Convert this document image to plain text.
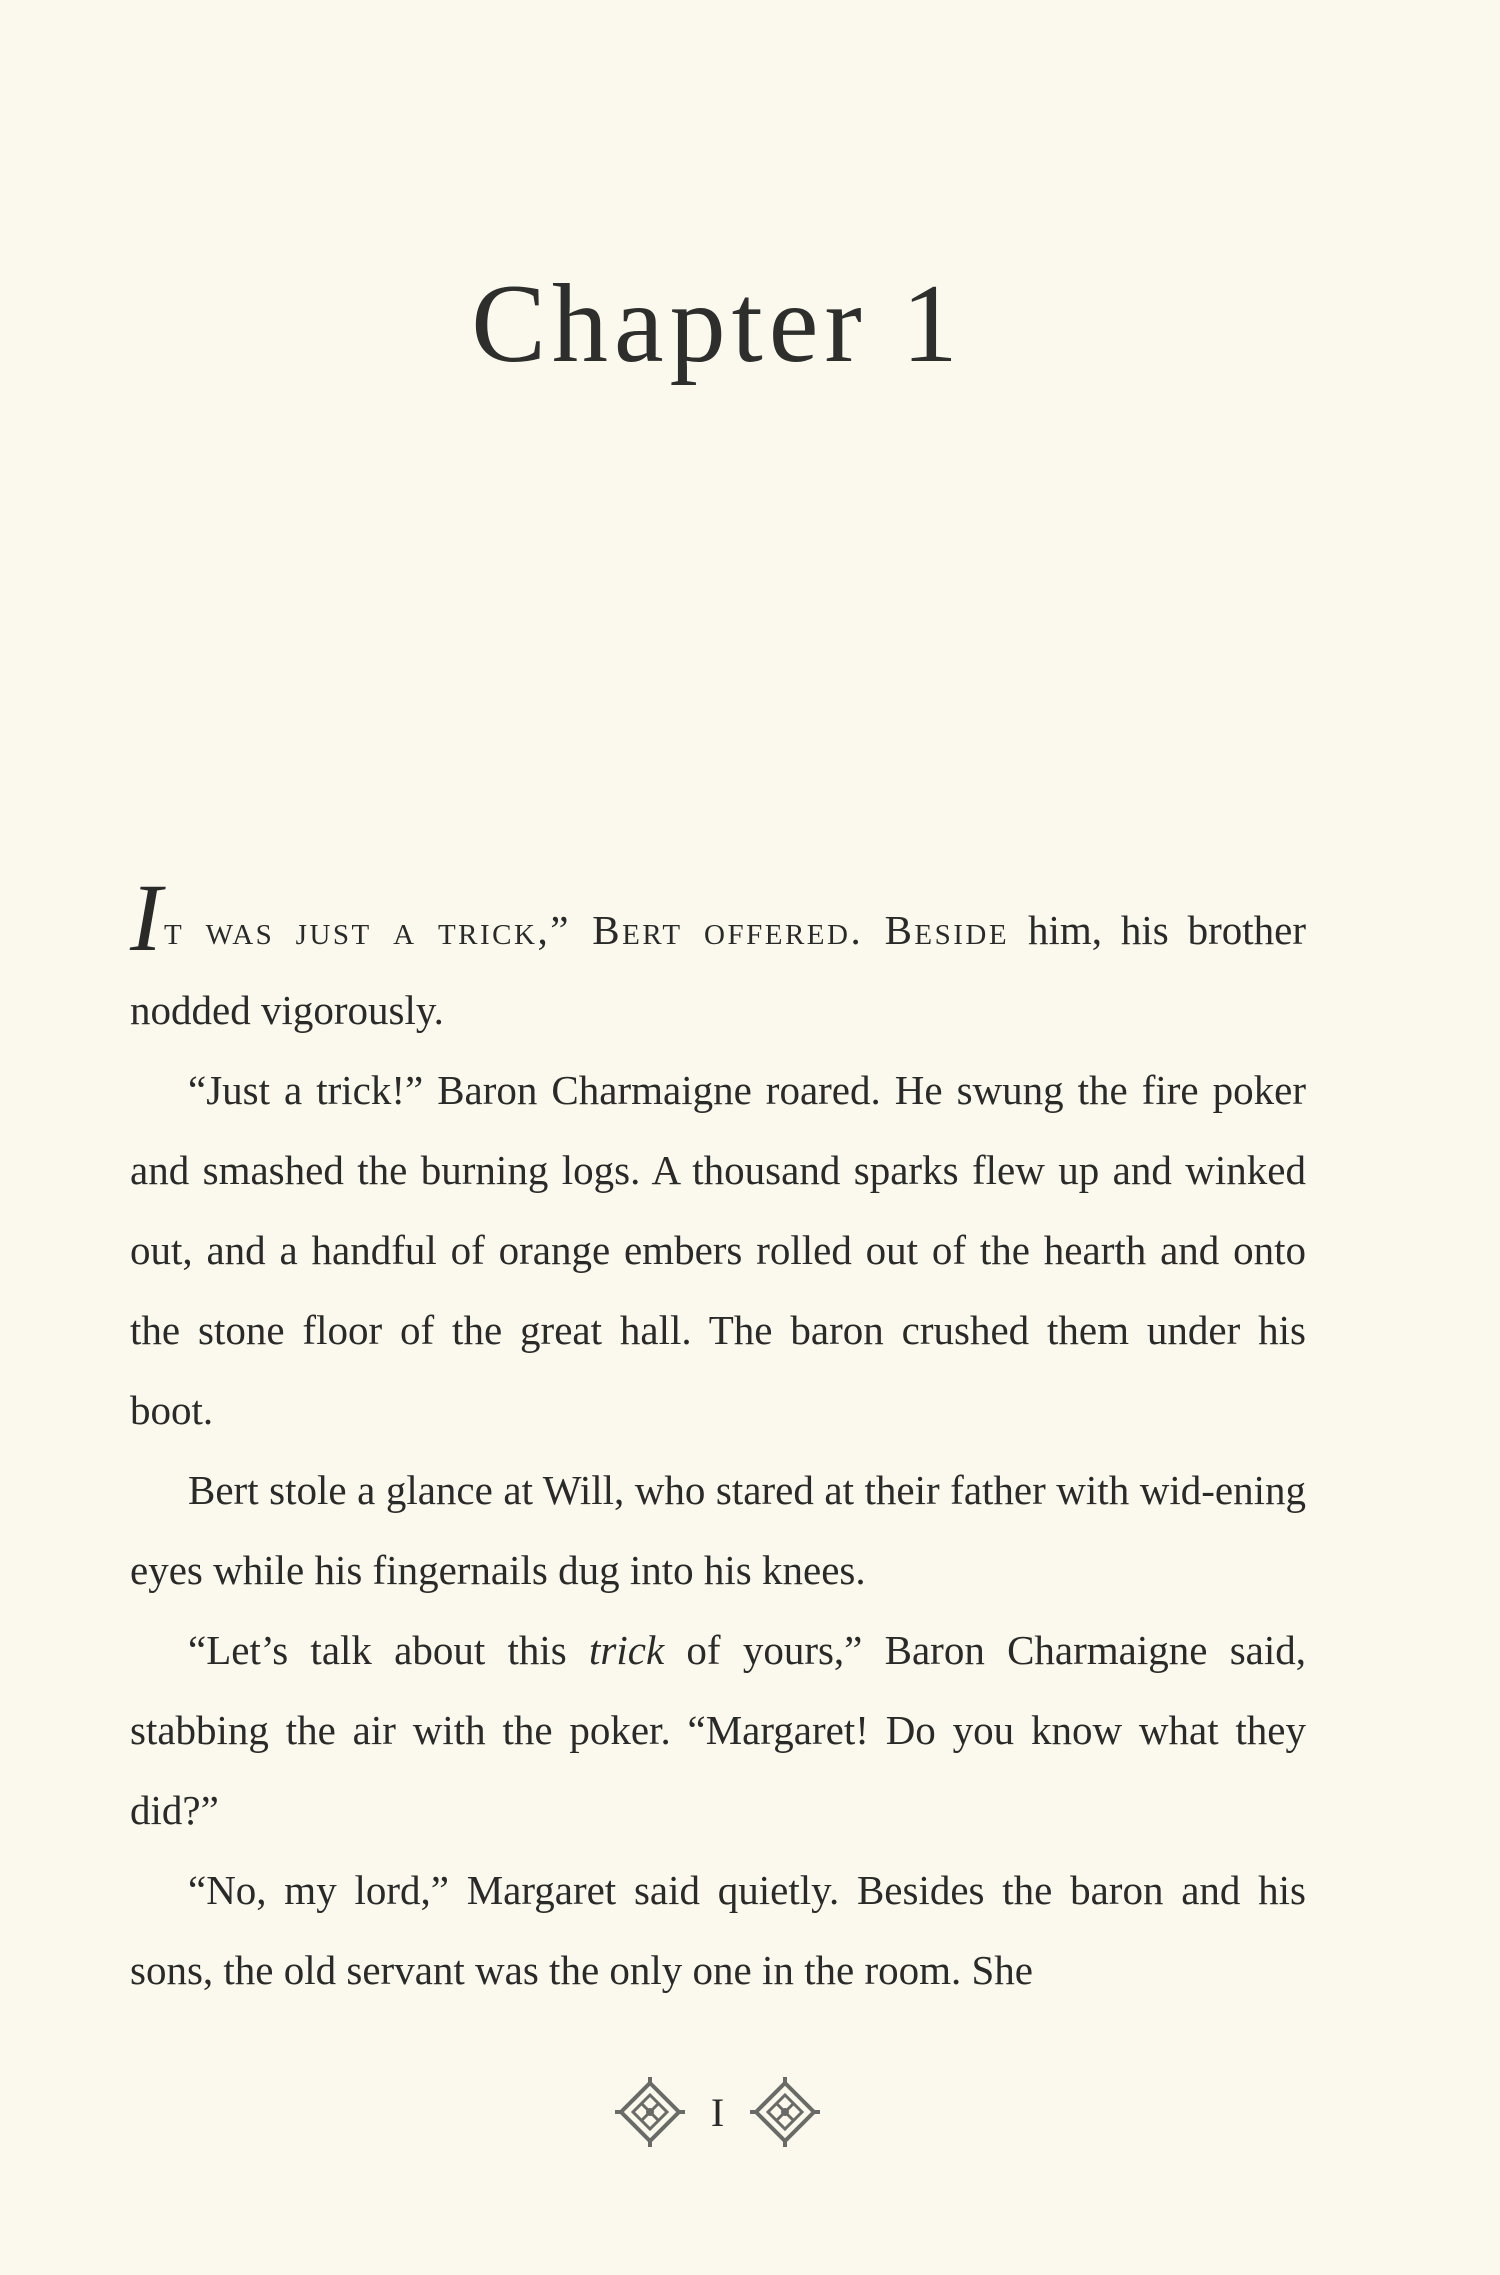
Chapter 1

It was just a trick,” Bert offered. Beside him, his brother nodded vigorously.

“Just a trick!” Baron Charmaigne roared. He swung the fire poker and smashed the burning logs. A thousand sparks flew up and winked out, and a handful of orange embers rolled out of the hearth and onto the stone floor of the great hall. The baron crushed them under his boot.

Bert stole a glance at Will, who stared at their father with wid-ening eyes while his fingernails dug into his knees.

“Let’s talk about this trick of yours,” Baron Charmaigne said, stabbing the air with the poker. “Margaret! Do you know what they did?”

“No, my lord,” Margaret said quietly. Besides the baron and his sons, the old servant was the only one in the room. She

I
